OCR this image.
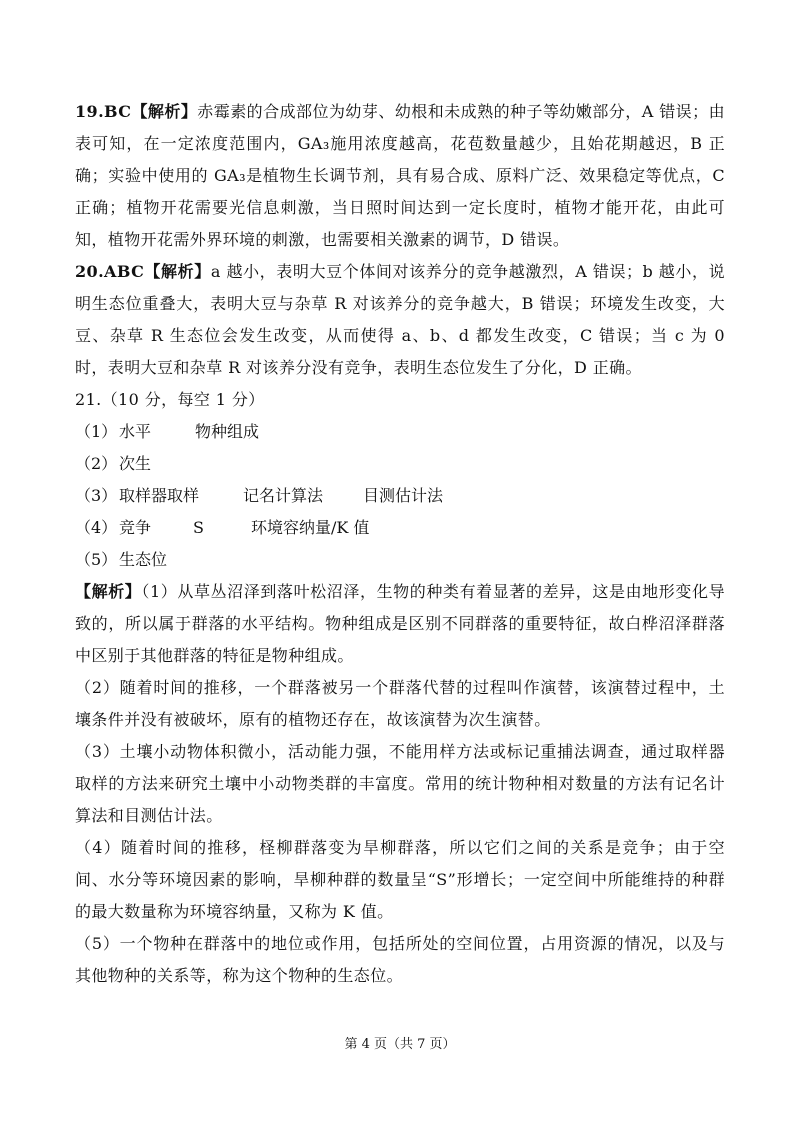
19.BC【解析】赤霉素的合成部位为幼芽、幼根和未成熟的种子等幼嫩部分，A 错误；由表可知，在一定浓度范围内，GA₃施用浓度越高，花苞数量越少，且始花期越迟，B 正确；实验中使用的 GA₃是植物生长调节剂，具有易合成、原料广泛、效果稳定等优点，C 正确；植物开花需要光信息刺激，当日照时间达到一定长度时，植物才能开花，由此可知，植物开花需外界环境的刺激，也需要相关激素的调节，D 错误。

20.ABC【解析】a 越小，表明大豆个体间对该养分的竞争越激烈，A 错误；b 越小，说明生态位重叠大，表明大豆与杂草 R 对该养分的竞争越大，B 错误；环境发生改变，大豆、杂草 R 生态位会发生改变，从而使得 a、b、d 都发生改变，C 错误；当 c 为 0 时，表明大豆和杂草 R 对该养分没有竞争，表明生态位发生了分化，D 正确。

21.（10 分，每空 1 分）

（1） 水平	物种组成
（2） 次生
（3） 取样器取样	记名计算法 目测估计法
（4） 竞争	S	环境容纳量/K 值
（5） 生态位

【解析】（1）从草丛沼泽到落叶松沼泽，生物的种类有着显著的差异，这是由地形变化导致的，所以属于群落的水平结构。物种组成是区别不同群落的重要特征，故白桦沼泽群落中区别于其他群落的特征是物种组成。

（2）随着时间的推移，一个群落被另一个群落代替的过程叫作演替，该演替过程中，土壤条件并没有被破坏，原有的植物还存在，故该演替为次生演替。

（3）土壤小动物体积微小，活动能力强，不能用样方法或标记重捕法调查，通过取样器取样的方法来研究土壤中小动物类群的丰富度。常用的统计物种相对数量的方法有记名计算法和目测估计法。

（4）随着时间的推移，柽柳群落变为旱柳群落，所以它们之间的关系是竞争；由于空间、水分等环境因素的影响，旱柳种群的数量呈“S”形增长；一定空间中所能维持的种群的最大数量称为环境容纳量，又称为 K 值。

（5）一个物种在群落中的地位或作用，包括所处的空间位置，占用资源的情况，以及与其他物种的关系等，称为这个物种的生态位。

第 4 页（共 7 页）
